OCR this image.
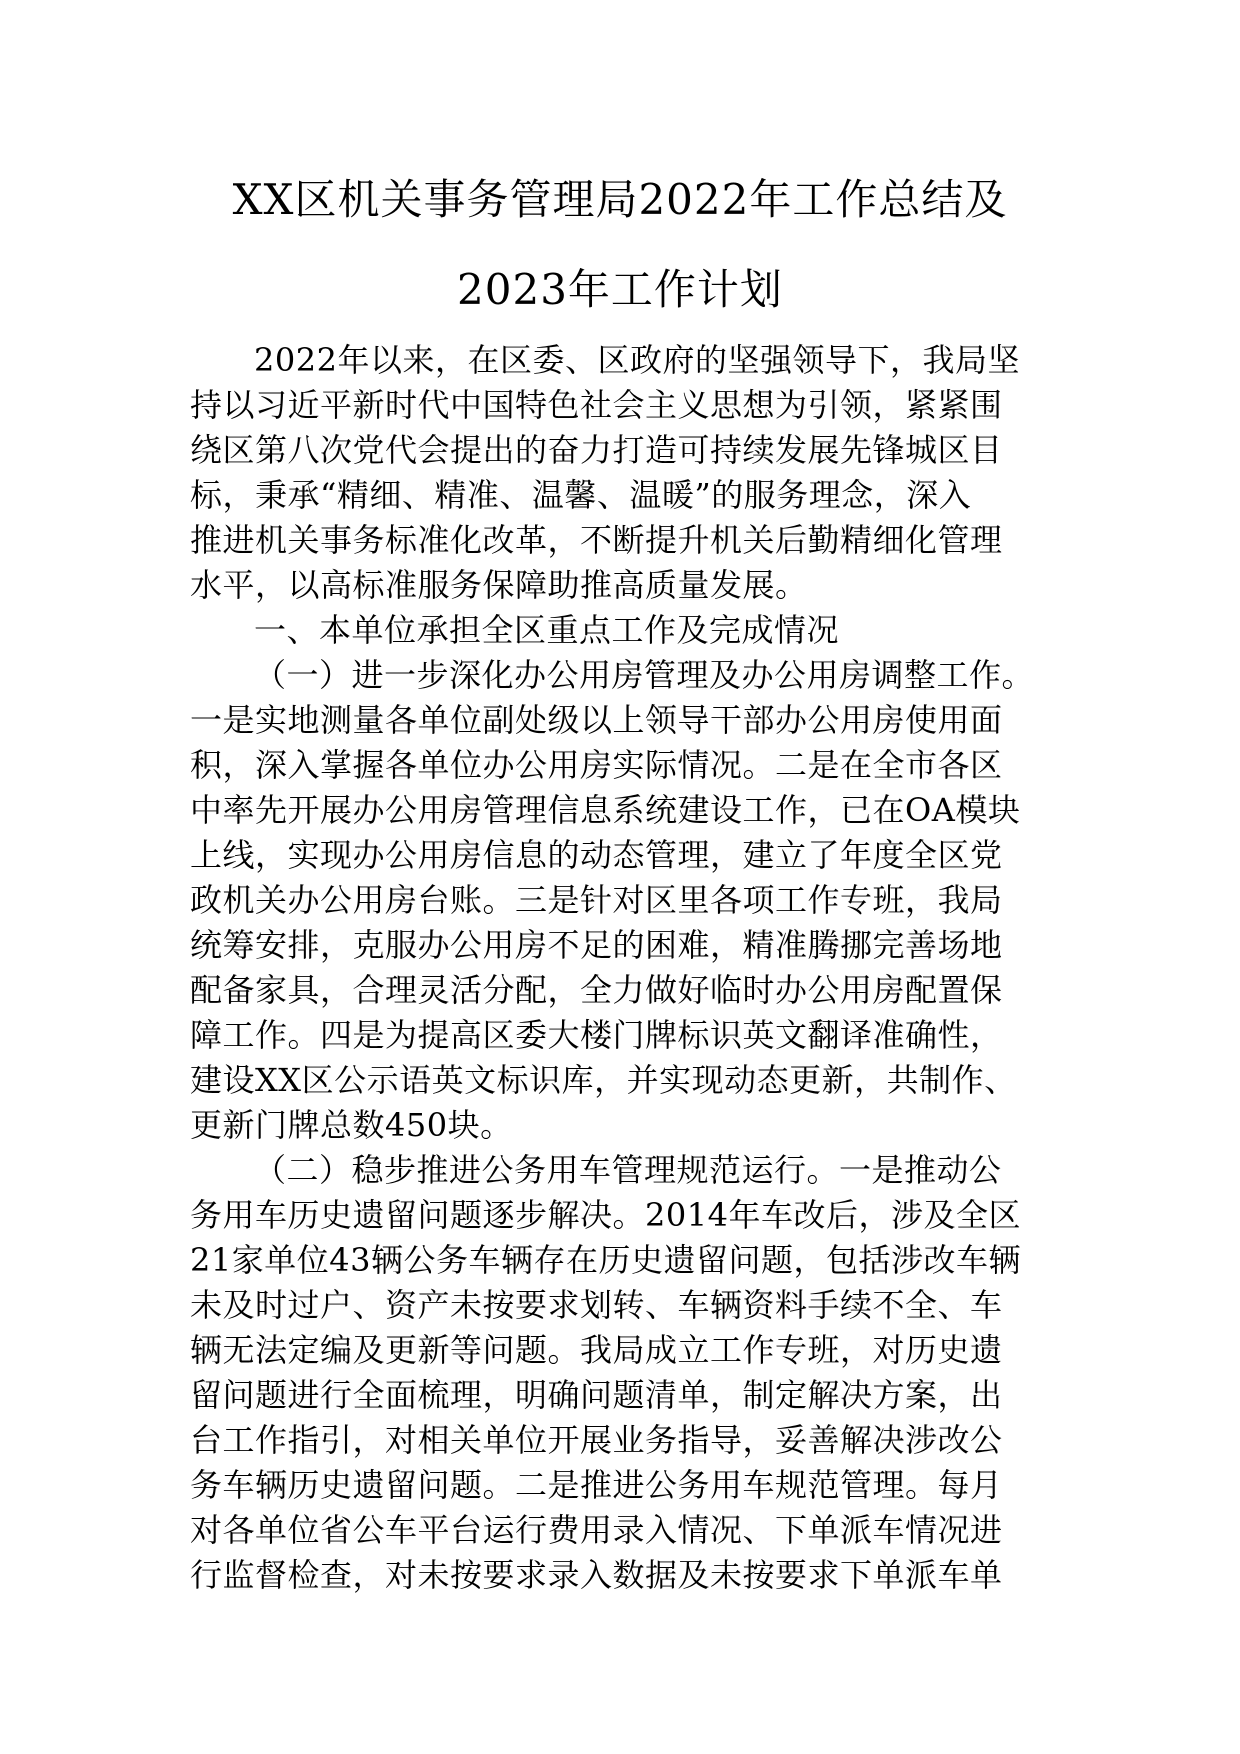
XX区机关事务管理局2022年工作总结及
2023年工作计划
2022年以来，在区委、区政府的坚强领导下，我局坚
持以习近平新时代中国特色社会主义思想为引领，紧紧围
绕区第八次党代会提出的奋力打造可持续发展先锋城区目
标，秉承“精细、精准、温馨、温暖”的服务理念，深入
推进机关事务标准化改革，不断提升机关后勤精细化管理
水平，以高标准服务保障助推高质量发展。
一、本单位承担全区重点工作及完成情况
（一）进一步深化办公用房管理及办公用房调整工作。
一是实地测量各单位副处级以上领导干部办公用房使用面
积，深入掌握各单位办公用房实际情况。二是在全市各区
中率先开展办公用房管理信息系统建设工作，已在OA模块
上线，实现办公用房信息的动态管理，建立了年度全区党
政机关办公用房台账。三是针对区里各项工作专班，我局
统筹安排，克服办公用房不足的困难，精准腾挪完善场地
配备家具，合理灵活分配，全力做好临时办公用房配置保
障工作。四是为提高区委大楼门牌标识英文翻译准确性，
建设XX区公示语英文标识库，并实现动态更新，共制作、
更新门牌总数450块。
（二）稳步推进公务用车管理规范运行。一是推动公
务用车历史遗留问题逐步解决。2014年车改后，涉及全区
21家单位43辆公务车辆存在历史遗留问题，包括涉改车辆
未及时过户、资产未按要求划转、车辆资料手续不全、车
辆无法定编及更新等问题。我局成立工作专班，对历史遗
留问题进行全面梳理，明确问题清单，制定解决方案，出
台工作指引，对相关单位开展业务指导，妥善解决涉改公
务车辆历史遗留问题。二是推进公务用车规范管理。每月
对各单位省公车平台运行费用录入情况、下单派车情况进
行监督检查，对未按要求录入数据及未按要求下单派车单
